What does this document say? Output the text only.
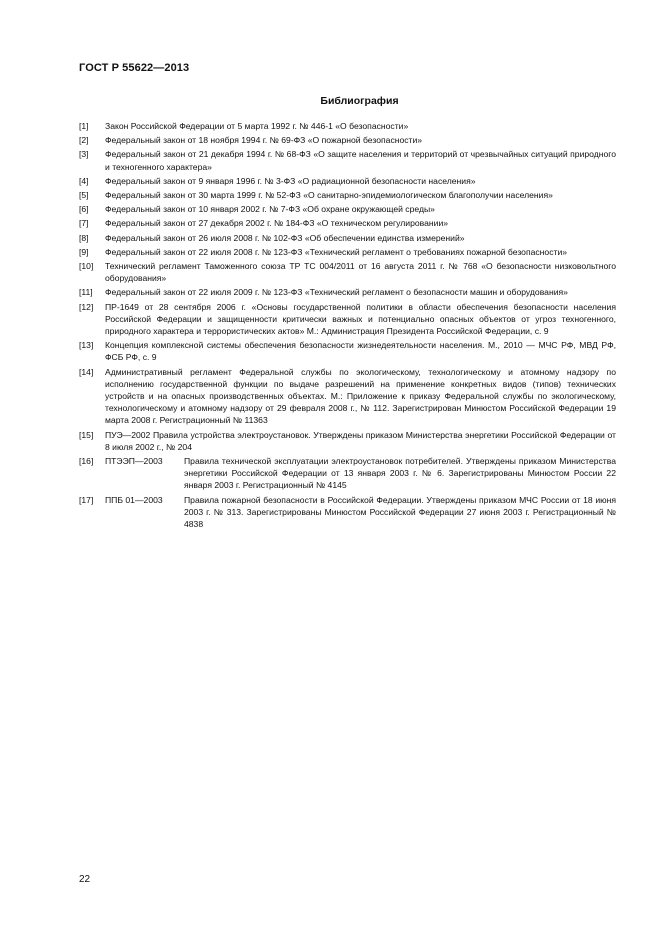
ГОСТ Р 55622—2013
Библиография
[1]	Закон Российской Федерации от 5 марта 1992 г. № 446-1 «О безопасности»
[2]	Федеральный закон от 18 ноября 1994 г. № 69-ФЗ «О пожарной безопасности»
[3]	Федеральный закон от 21 декабря 1994 г. № 68-ФЗ «О защите населения и территорий от чрезвычайных ситуаций природного и техногенного характера»
[4]	Федеральный закон от 9 января 1996 г. № 3-ФЗ «О радиационной безопасности населения»
[5]	Федеральный закон от 30 марта 1999 г. № 52-ФЗ «О санитарно-эпидемиологическом благополучии населения»
[6]	Федеральный закон от 10 января 2002 г. № 7-ФЗ «Об охране окружающей среды»
[7]	Федеральный закон от 27 декабря 2002 г. № 184-ФЗ «О техническом регулировании»
[8]	Федеральный закон от 26 июля 2008 г. № 102-ФЗ «Об обеспечении единства измерений»
[9]	Федеральный закон от 22 июля 2008 г. № 123-ФЗ «Технический регламент о требованиях пожарной безопасности»
[10]	Технический регламент Таможенного союза ТР ТС 004/2011 от 16 августа 2011 г. № 768 «О безопасности низковольтного оборудования»
[11]	Федеральный закон от 22 июля 2009 г. № 123-ФЗ «Технический регламент о безопасности машин и оборудования»
[12]	ПР-1649 от 28 сентября 2006 г. «Основы государственной политики в области обеспечения безопасности населения Российской Федерации и защищенности критически важных и потенциально опасных объектов от угроз техногенного, природного характера и террористических актов» М.: Администрация Президента Российской Федерации, с. 9
[13]	Концепция комплексной системы обеспечения безопасности жизнедеятельности населения. М., 2010 — МЧС РФ, МВД РФ, ФСБ РФ, с. 9
[14]	Административный регламент Федеральной службы по экологическому, технологическому и атомному надзору по исполнению государственной функции по выдаче разрешений на применение конкретных видов (типов) технических устройств и на опасных производственных объектах. М.: Приложение к приказу Федеральной службы по экологическому, технологическому и атомному надзору от 29 февраля 2008 г., № 112. Зарегистрирован Минюстом Российской Федерации 19 марта 2008 г. Регистрационный № 11363
[15]	ПУЭ—2002 Правила устройства электроустановок. Утверждены приказом Министерства энергетики Российской Федерации от 8 июля 2002 г., № 204
[16]	ПТЭЭП—2003	Правила технической эксплуатации электроустановок потребителей. Утверждены приказом Министерства энергетики Российской Федерации от 13 января 2003 г. № 6. Зарегистрированы Минюстом России 22 января 2003 г. Регистрационный № 4145
[17]	ППБ 01—2003	Правила пожарной безопасности в Российской Федерации. Утверждены приказом МЧС России от 18 июня 2003 г. № 313. Зарегистрированы Минюстом Российской Федерации 27 июня 2003 г. Регистрационный № 4838
22
